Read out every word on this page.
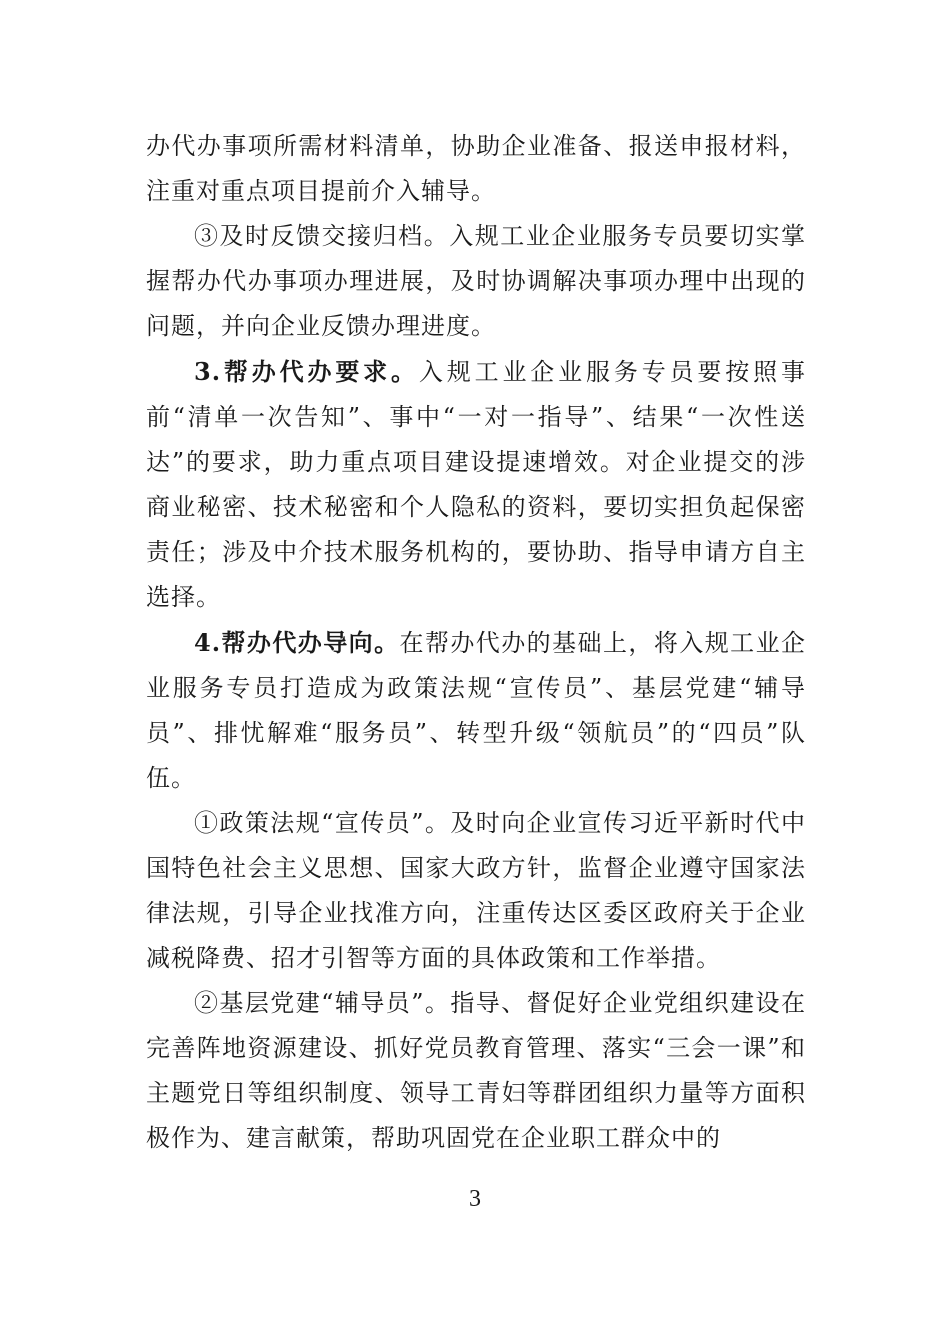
办代办事项所需材料清单，协助企业准备、报送申报材料，注重对重点项目提前介入辅导。

③及时反馈交接归档。入规工业企业服务专员要切实掌握帮办代办事项办理进展，及时协调解决事项办理中出现的问题，并向企业反馈办理进度。

3.帮办代办要求。入规工业企业服务专员要按照事前“清单一次告知”、事中“一对一指导”、结果“一次性送达”的要求，助力重点项目建设提速增效。对企业提交的涉商业秘密、技术秘密和个人隐私的资料，要切实担负起保密责任；涉及中介技术服务机构的，要协助、指导申请方自主选择。

4.帮办代办导向。在帮办代办的基础上，将入规工业企业服务专员打造成为政策法规“宣传员”、基层党建“辅导员”、排忧解难“服务员”、转型升级“领航员”的“四员”队伍。

①政策法规“宣传员”。及时向企业宣传习近平新时代中国特色社会主义思想、国家大政方针，监督企业遵守国家法律法规，引导企业找准方向，注重传达区委区政府关于企业减税降费、招才引智等方面的具体政策和工作举措。

②基层党建“辅导员”。指导、督促好企业党组织建设在完善阵地资源建设、抓好党员教育管理、落实“三会一课”和主题党日等组织制度、领导工青妇等群团组织力量等方面积极作为、建言献策，帮助巩固党在企业职工群众中的

3
